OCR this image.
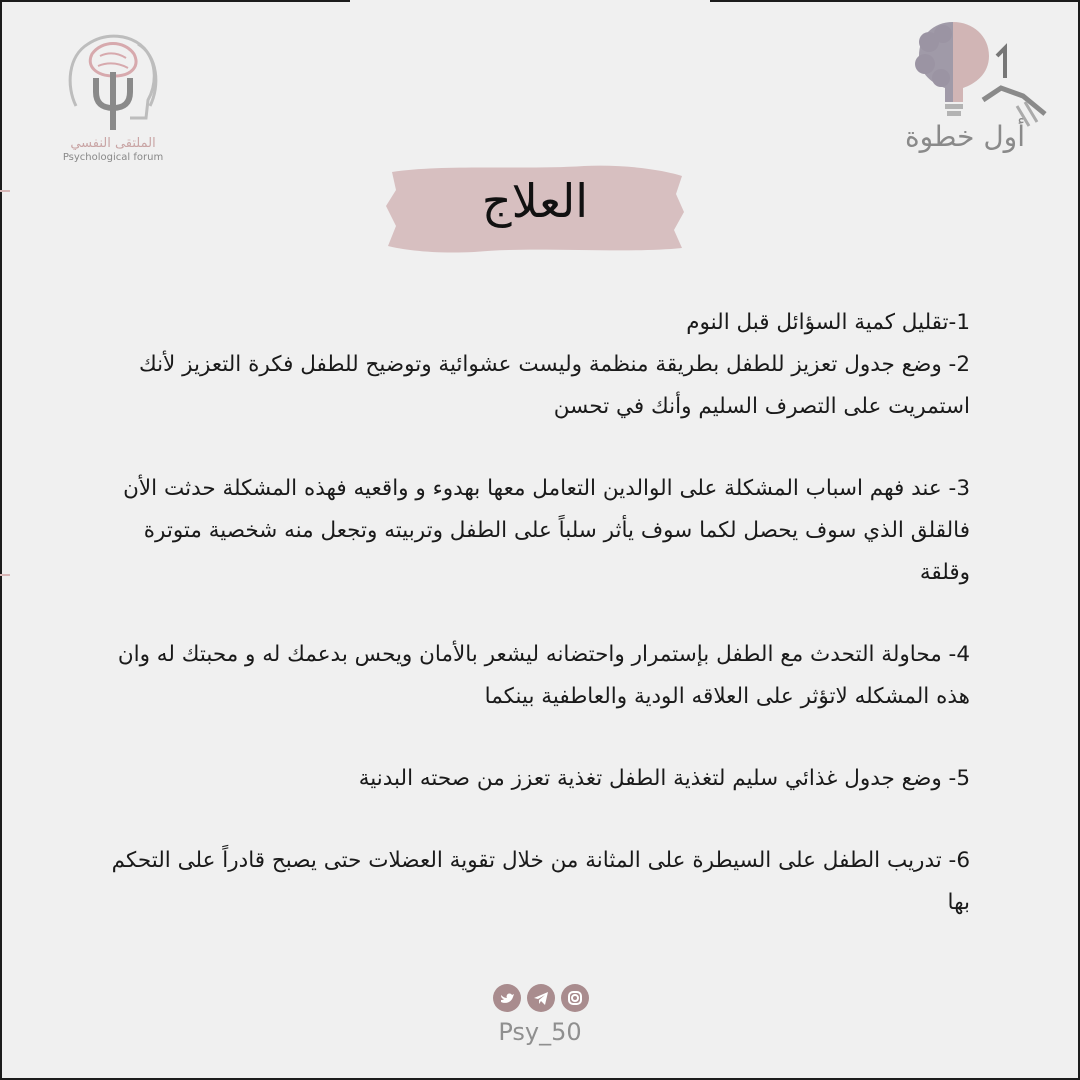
الملتقى النفسي
Psychological forum
أول خطوة
العلاج

1-تقليل كمية السؤائل قبل النوم

2- وضع جدول تعزيز للطفل بطريقة منظمة وليست عشوائية وتوضيح للطفل فكرة التعزيز لأنك استمريت على التصرف السليم وأنك في تحسن

3- عند فهم اسباب المشكلة على الوالدين التعامل معها بهدوء و واقعيه فهذه المشكلة حدثت الأن فالقلق الذي سوف يحصل لكما سوف يأثر سلباً على الطفل وتربيته وتجعل منه شخصية متوترة وقلقة

4- محاولة التحدث مع الطفل بإستمرار واحتضانه ليشعر بالأمان ويحس بدعمك له و محبتك له وان هذه المشكله لاتؤثر على العلاقه الودية والعاطفية بينكما

5- وضع جدول غذائي سليم لتغذية الطفل تغذية تعزز من صحته البدنية

6- تدريب الطفل على السيطرة على المثانة من خلال تقوية العضلات حتى يصبح قادراً على التحكم بها

Psy_50
